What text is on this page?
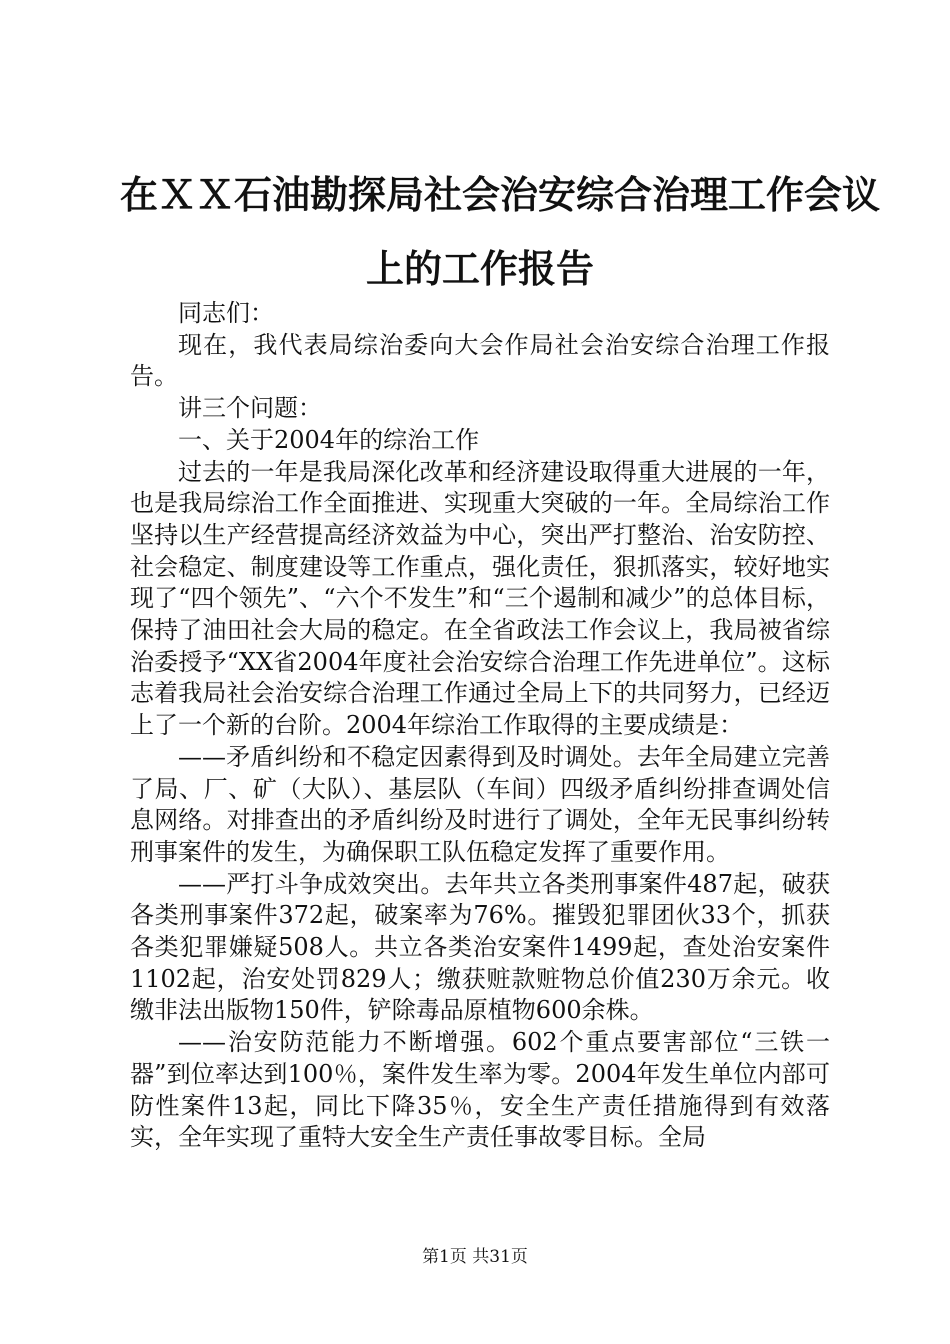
在ＸＸ石油勘探局社会治安综合治理工作会议
上的工作报告

同志们：

现在，我代表局综治委向大会作局社会治安综合治理工作报告。

讲三个问题：

一、关于2004年的综治工作

过去的一年是我局深化改革和经济建设取得重大进展的一年，也是我局综治工作全面推进、实现重大突破的一年。全局综治工作坚持以生产经营提高经济效益为中心，突出严打整治、治安防控、社会稳定、制度建设等工作重点，强化责任，狠抓落实，较好地实现了“四个领先”、“六个不发生”和“三个遏制和减少”的总体目标，保持了油田社会大局的稳定。在全省政法工作会议上，我局被省综治委授予“XX省2004年度社会治安综合治理工作先进单位”。这标志着我局社会治安综合治理工作通过全局上下的共同努力，已经迈上了一个新的台阶。2004年综治工作取得的主要成绩是：

——矛盾纠纷和不稳定因素得到及时调处。去年全局建立完善了局、厂、矿（大队）、基层队（车间）四级矛盾纠纷排查调处信息网络。对排查出的矛盾纠纷及时进行了调处，全年无民事纠纷转刑事案件的发生，为确保职工队伍稳定发挥了重要作用。

——严打斗争成效突出。去年共立各类刑事案件487起，破获各类刑事案件372起，破案率为76%。摧毁犯罪团伙33个，抓获各类犯罪嫌疑508人。共立各类治安案件1499起，查处治安案件1102起，治安处罚829人；缴获赃款赃物总价值230万余元。收缴非法出版物150件，铲除毒品原植物600余株。

——治安防范能力不断增强。602个重点要害部位“三铁一器”到位率达到100％，案件发生率为零。2004年发生单位内部可防性案件13起，同比下降35％，安全生产责任措施得到有效落实，全年实现了重特大安全生产责任事故零目标。全局

第1页 共31页
